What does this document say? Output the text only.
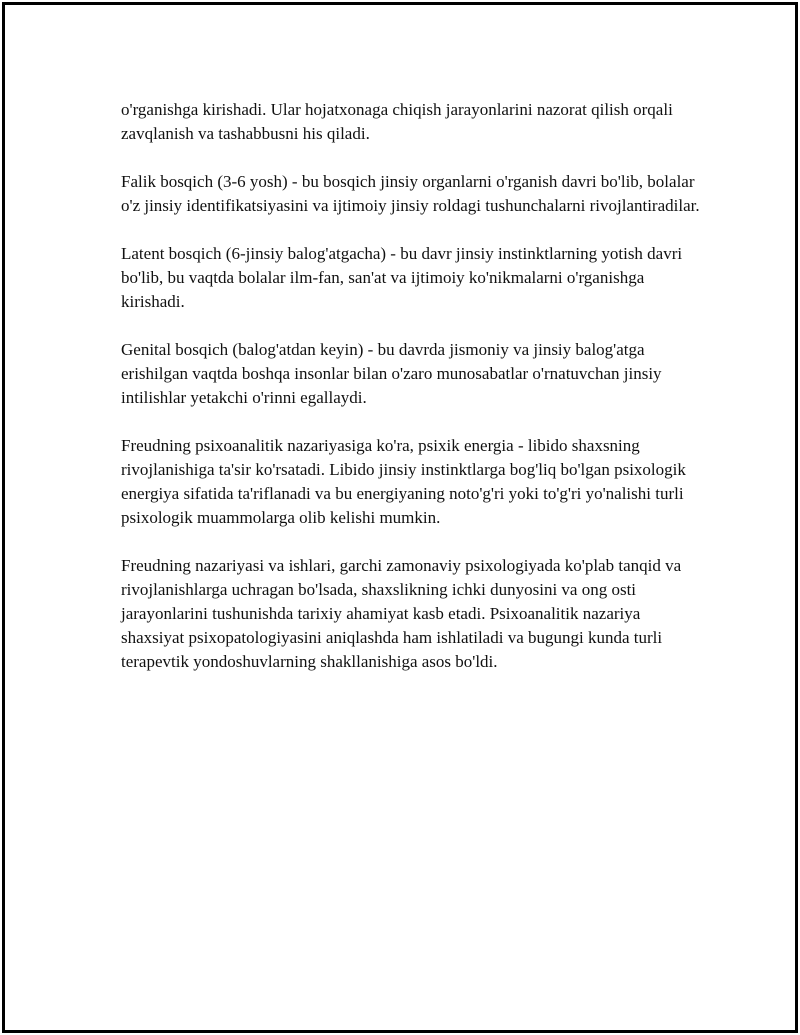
o'rganishga kirishadi. Ular hojatxonaga chiqish jarayonlarini nazorat qilish orqali zavqlanish va tashabbusni his qiladi.

Falik bosqich (3-6 yosh) - bu bosqich jinsiy organlarni o'rganish davri bo'lib, bolalar o'z jinsiy identifikatsiyasini va ijtimoiy jinsiy roldagi tushunchalarni rivojlantiradilar.

Latent bosqich (6-jinsiy balog'atgacha) - bu davr jinsiy instinktlarning yotish davri bo'lib, bu vaqtda bolalar ilm-fan, san'at va ijtimoiy ko'nikmalarni o'rganishga kirishadi.

Genital bosqich (balog'atdan keyin) - bu davrda jismoniy va jinsiy balog'atga erishilgan vaqtda boshqa insonlar bilan o'zaro munosabatlar o'rnatuvchan jinsiy intilishlar yetakchi o'rinni egallaydi.

Freudning psixoanalitik nazariyasiga ko'ra, psixik energia - libido shaxsning rivojlanishiga ta'sir ko'rsatadi. Libido jinsiy instinktlarga bog'liq bo'lgan psixologik energiya sifatida ta'riflanadi va bu energiyaning noto'g'ri yoki to'g'ri yo'nalishi turli psixologik muammolarga olib kelishi mumkin.

Freudning nazariyasi va ishlari, garchi zamonaviy psixologiyada ko'plab tanqid va rivojlanishlarga uchragan bo'lsada, shaxslikning ichki dunyosini va ong osti jarayonlarini tushunishda tarixiy ahamiyat kasb etadi. Psixoanalitik nazariya shaxsiyat psixopatologiyasini aniqlashda ham ishlatiladi va bugungi kunda turli terapevtik yondoshuvlarning shakllanishiga asos bo'ldi.
